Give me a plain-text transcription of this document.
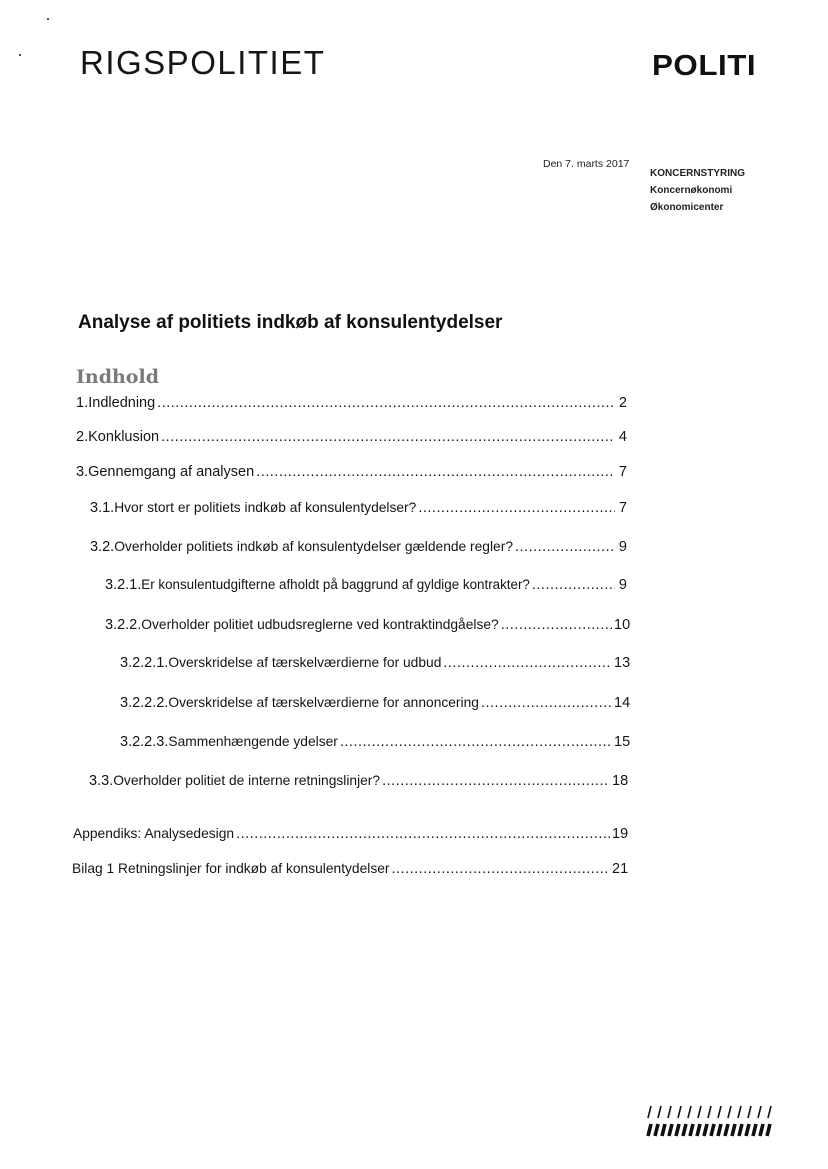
RIGSPOLITIET	POLITI
Den 7. marts 2017
KONCERNSTYRING
Koncernøkonomi
Økonomicenter
Analyse af politiets indkøb af konsulentydelser
Indhold
1. Indledning .....	2
2. Konklusion .....	4
3. Gennemgang af analysen .....	7
3.1. Hvor stort er politiets indkøb af konsulentydelser? .....	7
3.2. Overholder politiets indkøb af konsulentydelser gældende regler? .....	9
3.2.1. Er konsulentudgifterne afholdt på baggrund af gyldige kontrakter? .....	9
3.2.2. Overholder politiet udbudsreglerne ved kontraktindgåelse? .....	10
3.2.2.1. Overskridelse af tærskelværdierne for udbud .....	13
3.2.2.2. Overskridelse af tærskelværdierne for annoncering .....	14
3.2.2.3. Sammenhængende ydelser .....	15
3.3. Overholder politiet de interne retningslinjer? .....	18
Appendiks: Analysedesign .....	19
Bilag 1 Retningslinjer for indkøb af konsulentydelser .....	21
